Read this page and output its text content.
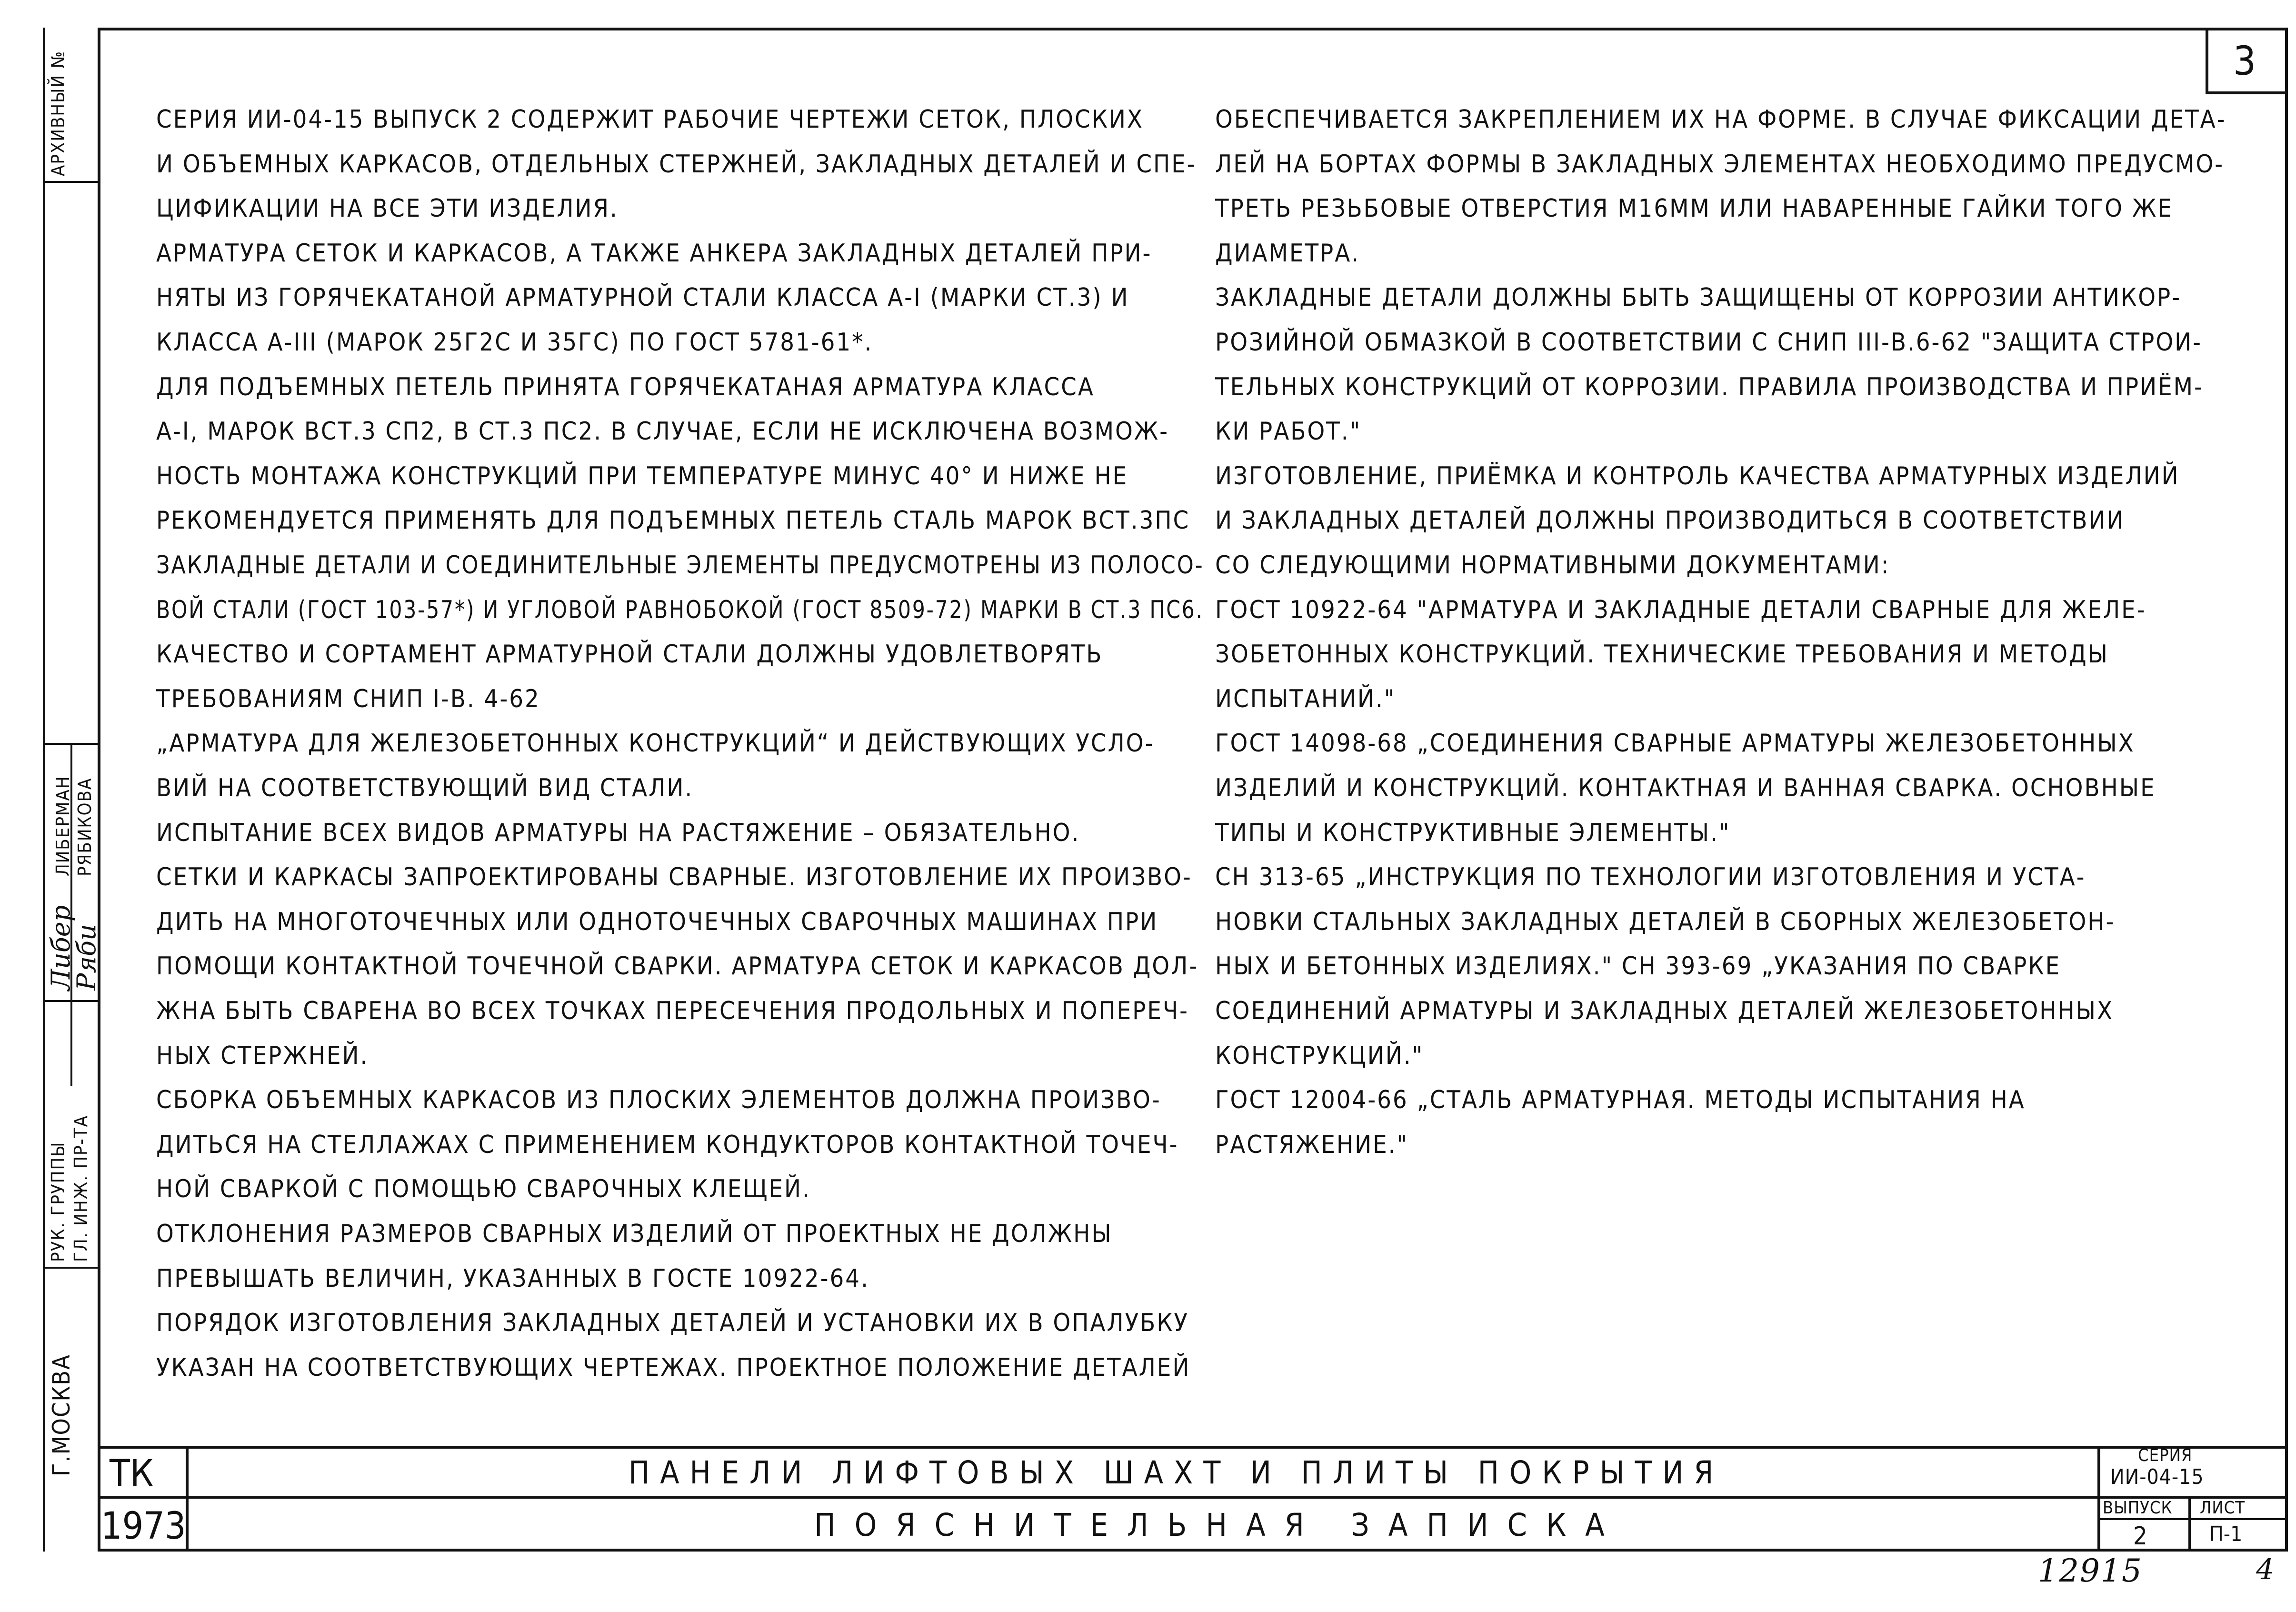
3
АРХИВНЫЙ №
РУК. ГРУППЫ ГЛ. ИНЖ. ПР-ТА
РЯБИКОВА
ЛИБЕРМАН
Ряби
Либер
Г.МОСКВА
СЕРИЯ ИИ-04-15 ВЫПУСК 2 СОДЕРЖИТ РАБОЧИЕ ЧЕРТЕЖИ СЕТОК, ПЛОСКИХ
И ОБЪЕМНЫХ КАРКАСОВ, ОТДЕЛЬНЫХ СТЕРЖНЕЙ, ЗАКЛАДНЫХ ДЕТАЛЕЙ И СПЕ-
ЦИФИКАЦИИ НА ВСЕ ЭТИ ИЗДЕЛИЯ.
АРМАТУРА СЕТОК И КАРКАСОВ, А ТАКЖЕ АНКЕРА ЗАКЛАДНЫХ ДЕТАЛЕЙ ПРИ-
НЯТЫ ИЗ ГОРЯЧЕКАТАНОЙ АРМАТУРНОЙ СТАЛИ КЛАССА А-I (МАРКИ СТ.3) И
КЛАССА А-III (МАРОК 25Г2С И 35ГС) ПО ГОСТ 5781-61*.
ДЛЯ ПОДЪЕМНЫХ ПЕТЕЛЬ ПРИНЯТА ГОРЯЧЕКАТАНАЯ АРМАТУРА КЛАССА
А-I, МАРОК ВСТ.3 СП2, В СТ.3 ПС2. В СЛУЧАЕ, ЕСЛИ НЕ ИСКЛЮЧЕНА ВОЗМОЖ-
НОСТЬ МОНТАЖА КОНСТРУКЦИЙ ПРИ ТЕМПЕРАТУРЕ МИНУС 40° И НИЖЕ НЕ
РЕКОМЕНДУЕТСЯ ПРИМЕНЯТЬ ДЛЯ ПОДЪЕМНЫХ ПЕТЕЛЬ СТАЛЬ МАРОК ВСТ.3ПС
ЗАКЛАДНЫЕ ДЕТАЛИ И СОЕДИНИТЕЛЬНЫЕ ЭЛЕМЕНТЫ ПРЕДУСМОТРЕНЫ ИЗ ПОЛОСО-
ВОЙ СТАЛИ (ГОСТ 103-57*) И УГЛОВОЙ РАВНОБОКОЙ (ГОСТ 8509-72) МАРКИ В СТ.3 ПС6.
КАЧЕСТВО И СОРТАМЕНТ АРМАТУРНОЙ СТАЛИ ДОЛЖНЫ УДОВЛЕТВОРЯТЬ
ТРЕБОВАНИЯМ СНИП I-В. 4-62
„АРМАТУРА ДЛЯ ЖЕЛЕЗОБЕТОННЫХ КОНСТРУКЦИЙ“ И ДЕЙСТВУЮЩИХ УСЛО-
ВИЙ НА СООТВЕТСТВУЮЩИЙ ВИД СТАЛИ.
ИСПЫТАНИЕ ВСЕХ ВИДОВ АРМАТУРЫ НА РАСТЯЖЕНИЕ – ОБЯЗАТЕЛЬНО.
СЕТКИ И КАРКАСЫ ЗАПРОЕКТИРОВАНЫ СВАРНЫЕ. ИЗГОТОВЛЕНИЕ ИХ ПРОИЗВО-
ДИТЬ НА МНОГОТОЧЕЧНЫХ ИЛИ ОДНОТОЧЕЧНЫХ СВАРОЧНЫХ МАШИНАХ ПРИ
ПОМОЩИ КОНТАКТНОЙ ТОЧЕЧНОЙ СВАРКИ. АРМАТУРА СЕТОК И КАРКАСОВ ДОЛ-
ЖНА БЫТЬ СВАРЕНА ВО ВСЕХ ТОЧКАХ ПЕРЕСЕЧЕНИЯ ПРОДОЛЬНЫХ И ПОПЕРЕЧ-
НЫХ СТЕРЖНЕЙ.
СБОРКА ОБЪЕМНЫХ КАРКАСОВ ИЗ ПЛОСКИХ ЭЛЕМЕНТОВ ДОЛЖНА ПРОИЗВО-
ДИТЬСЯ НА СТЕЛЛАЖАХ С ПРИМЕНЕНИЕМ КОНДУКТОРОВ КОНТАКТНОЙ ТОЧЕЧ-
НОЙ СВАРКОЙ С ПОМОЩЬЮ СВАРОЧНЫХ КЛЕЩЕЙ.
ОТКЛОНЕНИЯ РАЗМЕРОВ СВАРНЫХ ИЗДЕЛИЙ ОТ ПРОЕКТНЫХ НЕ ДОЛЖНЫ
ПРЕВЫШАТЬ ВЕЛИЧИН, УКАЗАННЫХ В ГОСТЕ 10922-64.
ПОРЯДОК ИЗГОТОВЛЕНИЯ ЗАКЛАДНЫХ ДЕТАЛЕЙ И УСТАНОВКИ ИХ В ОПАЛУБКУ
УКАЗАН НА СООТВЕТСТВУЮЩИХ ЧЕРТЕЖАХ. ПРОЕКТНОЕ ПОЛОЖЕНИЕ ДЕТАЛЕЙ
ОБЕСПЕЧИВАЕТСЯ ЗАКРЕПЛЕНИЕМ ИХ НА ФОРМЕ. В СЛУЧАЕ ФИКСАЦИИ ДЕТА-
ЛЕЙ НА БОРТАХ ФОРМЫ В ЗАКЛАДНЫХ ЭЛЕМЕНТАХ НЕОБХОДИМО ПРЕДУСМО-
ТРЕТЬ РЕЗЬБОВЫЕ ОТВЕРСТИЯ М16ММ ИЛИ НАВАРЕННЫЕ ГАЙКИ ТОГО ЖЕ
ДИАМЕТРА.
ЗАКЛАДНЫЕ ДЕТАЛИ ДОЛЖНЫ БЫТЬ ЗАЩИЩЕНЫ ОТ КОРРОЗИИ АНТИКОР-
РОЗИЙНОЙ ОБМАЗКОЙ В СООТВЕТСТВИИ С СНИП III-В.6-62 "ЗАЩИТА СТРОИ-
ТЕЛЬНЫХ КОНСТРУКЦИЙ ОТ КОРРОЗИИ. ПРАВИЛА ПРОИЗВОДСТВА И ПРИЁМ-
КИ РАБОТ."
ИЗГОТОВЛЕНИЕ, ПРИЁМКА И КОНТРОЛЬ КАЧЕСТВА АРМАТУРНЫХ ИЗДЕЛИЙ
И ЗАКЛАДНЫХ ДЕТАЛЕЙ ДОЛЖНЫ ПРОИЗВОДИТЬСЯ В СООТВЕТСТВИИ
СО СЛЕДУЮЩИМИ НОРМАТИВНЫМИ ДОКУМЕНТАМИ:
ГОСТ 10922-64 "АРМАТУРА И ЗАКЛАДНЫЕ ДЕТАЛИ СВАРНЫЕ ДЛЯ ЖЕЛЕ-
ЗОБЕТОННЫХ КОНСТРУКЦИЙ. ТЕХНИЧЕСКИЕ ТРЕБОВАНИЯ И МЕТОДЫ
ИСПЫТАНИЙ."
ГОСТ 14098-68 „СОЕДИНЕНИЯ СВАРНЫЕ АРМАТУРЫ ЖЕЛЕЗОБЕТОННЫХ
ИЗДЕЛИЙ И КОНСТРУКЦИЙ. КОНТАКТНАЯ И ВАННАЯ СВАРКА. ОСНОВНЫЕ
ТИПЫ И КОНСТРУКТИВНЫЕ ЭЛЕМЕНТЫ."
СН 313-65 „ИНСТРУКЦИЯ ПО ТЕХНОЛОГИИ ИЗГОТОВЛЕНИЯ И УСТА-
НОВКИ СТАЛЬНЫХ ЗАКЛАДНЫХ ДЕТАЛЕЙ В СБОРНЫХ ЖЕЛЕЗОБЕТОН-
НЫХ И БЕТОННЫХ ИЗДЕЛИЯХ." СН 393-69 „УКАЗАНИЯ ПО СВАРКЕ
СОЕДИНЕНИЙ АРМАТУРЫ И ЗАКЛАДНЫХ ДЕТАЛЕЙ ЖЕЛЕЗОБЕТОННЫХ
КОНСТРУКЦИЙ."
ГОСТ 12004-66 „СТАЛЬ АРМАТУРНАЯ. МЕТОДЫ ИСПЫТАНИЯ НА
РАСТЯЖЕНИЕ."
ТК
1973
ПАНЕЛИ ЛИФТОВЫХ ШАХТ И ПЛИТЫ ПОКРЫТИЯ
ПОЯСНИТЕЛЬНАЯ ЗАПИСКА
СЕРИЯ
ИИ-04-15
ВЫПУСК
2
ЛИСТ
П-1
12915	4
